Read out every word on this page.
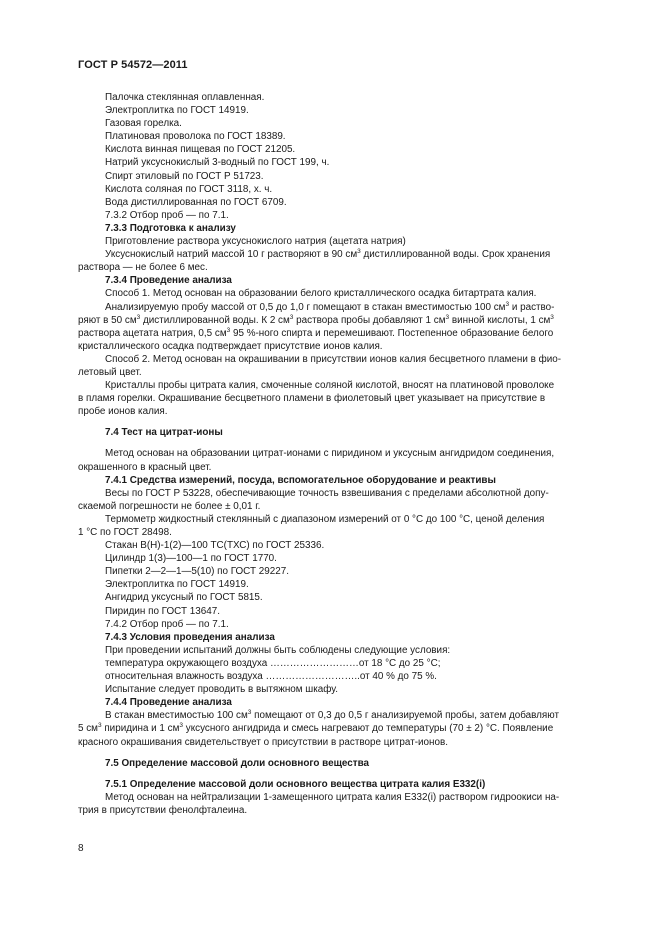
ГОСТ Р 54572—2011

Палочка стеклянная оплавленная.

Электроплитка по ГОСТ 14919.

Газовая горелка.

Платиновая проволока по ГОСТ 18389.

Кислота винная пищевая по ГОСТ 21205.

Натрий уксуснокислый 3-водный по ГОСТ 199, ч.

Спирт этиловый по ГОСТ Р 51723.

Кислота соляная по ГОСТ 3118, х. ч.

Вода дистиллированная по ГОСТ 6709.

7.3.2 Отбор проб — по 7.1.

7.3.3 Подготовка к анализу

Приготовление раствора уксуснокислого натрия (ацетата натрия)

Уксуснокислый натрий массой 10 г растворяют в 90 $см^3$ дистиллированной воды. Срок хранения

раствора — не более 6 мес.

7.3.4 Проведение анализа

Способ 1. Метод основан на образовании белого кристаллического осадка битартрата калия.

Анализируемую пробу массой от 0,5 до 1,0 г помещают в стакан вместимостью 100 $см^3$ и раство-

ряют в 50 $см^3$ дистиллированной воды. К 2 $см^3$ раствора пробы добавляют 1 $см^3$ винной кислоты, 1 $см^3$

раствора ацетата натрия, 0,5 $см^3$ 95 %-ного спирта и перемешивают. Постепенное образование белого

кристаллического осадка подтверждает присутствие ионов калия.

Способ 2. Метод основан на окрашивании в присутствии ионов калия бесцветного пламени в фио-

летовый цвет.

Кристаллы пробы цитрата калия, смоченные соляной кислотой, вносят на платиновой проволоке

в пламя горелки. Окрашивание бесцветного пламени в фиолетовый цвет указывает на присутствие в

пробе ионов калия.

7.4 Тест на цитрат-ионы

Метод основан на образовании цитрат-ионами с пиридином и уксусным ангидридом соединения,

окрашенного в красный цвет.

7.4.1 Средства измерений, посуда, вспомогательное оборудование и реактивы

Весы по ГОСТ Р 53228, обеспечивающие точность взвешивания с пределами абсолютной допу-

скаемой погрешности не более ± 0,01 г.

Термометр жидкостный стеклянный с диапазоном измерений от 0 °С до 100 °С, ценой деления

1 °С по ГОСТ 28498.

Стакан В(Н)-1(2)—100 ТС(ТХС) по ГОСТ 25336.

Цилиндр 1(3)—100—1 по ГОСТ 1770.

Пипетки 2—2—1—5(10) по ГОСТ 29227.

Электроплитка по ГОСТ 14919.

Ангидрид уксусный по ГОСТ 5815.

Пиридин по ГОСТ 13647.

7.4.2 Отбор проб — по 7.1.

7.4.3 Условия проведения анализа

При проведении испытаний должны быть соблюдены следующие условия:

температура окружающего воздуха ………………………от 18 °С до 25 °С;

относительная влажность воздуха ………………………..от 40 % до 75 %.

Испытание следует проводить в вытяжном шкафу.

7.4.4 Проведение анализа

В стакан вместимостью 100 $см^3$ помещают от 0,3 до 0,5 г анализируемой пробы, затем добавляют

5 $см^3$ пиридина и 1 $см^3$ уксусного ангидрида и смесь нагревают до температуры (70 ± 2) °С. Появление

красного окрашивания свидетельствует о присутствии в растворе цитрат-ионов.

7.5 Определение массовой доли основного вещества

7.5.1 Определение массовой доли основного вещества цитрата калия Е332(i)

Метод основан на нейтрализации 1-замещенного цитрата калия Е332(i) раствором гидроокиси на-

трия в присутствии фенолфталеина.

8
